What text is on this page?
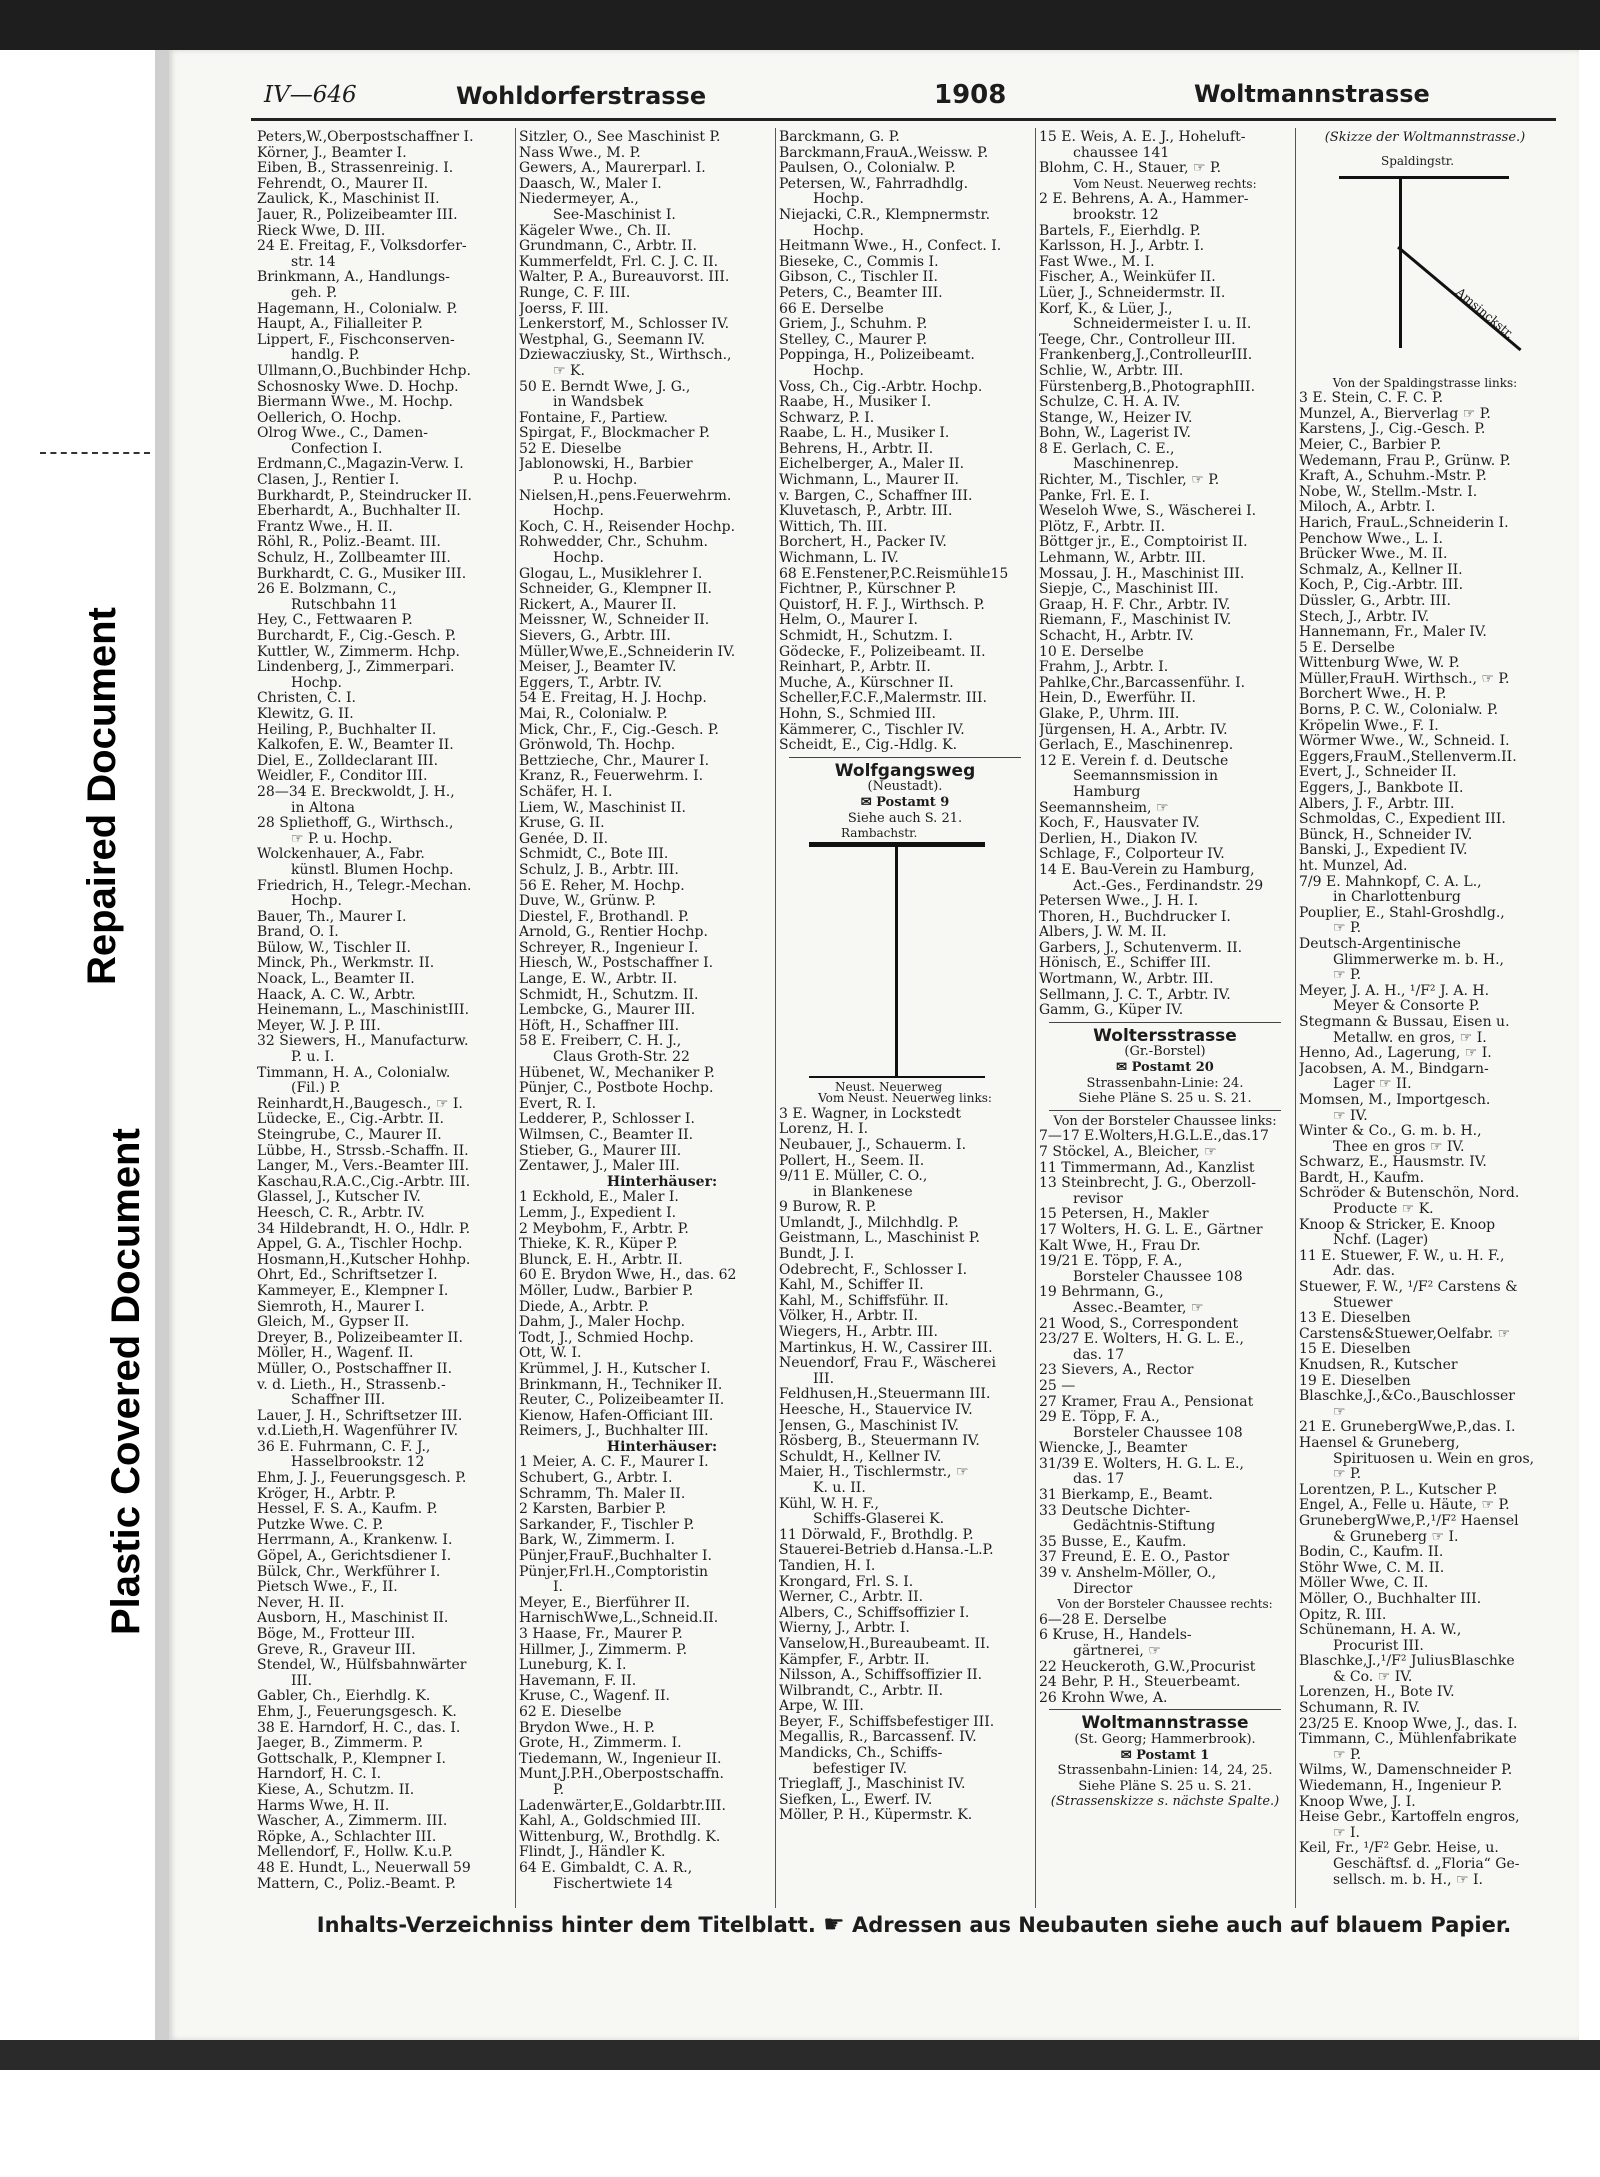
Repaired Document
Plastic Covered Document
IV—646	Wohldorferstrasse	1908	Woltmannstrasse
Peters,W.,Oberpostschaffner I.
Körner, J., Beamter I.
Eiben, B., Strassenreinig. I.
Fehrendt, O., Maurer II.
Zaulick, K., Maschinist II.
Jauer, R., Polizeibeamter III.
Rieck Wwe, D. III.
24 E. Freitag, F., Volksdorfer-
str. 14
Brinkmann, A., Handlungs-
geh. P.
Hagemann, H., Colonialw. P.
Haupt, A., Filialleiter P.
Lippert, F., Fischconserven-
handlg. P.
Ullmann,O.,Buchbinder Hchp.
Schosnosky Wwe. D. Hochp.
Biermann Wwe., M. Hochp.
Oellerich, O. Hochp.
Olrog Wwe., C., Damen-
Confection I.
Erdmann,C.,Magazin-Verw. I.
Clasen, J., Rentier I.
Burkhardt, P., Steindrucker II.
Eberhardt, A., Buchhalter II.
Frantz Wwe., H. II.
Röhl, R., Poliz.-Beamt. III.
Schulz, H., Zollbeamter III.
Burkhardt, C. G., Musiker III.
26 E. Bolzmann, C.,
Rutschbahn 11
Hey, C., Fettwaaren P.
Burchardt, F., Cig.-Gesch. P.
Kuttler, W., Zimmerm. Hchp.
Lindenberg, J., Zimmerpari.
Hochp.
Christen, C. I.
Klewitz, G. II.
Heiling, P., Buchhalter II.
Kalkofen, E. W., Beamter II.
Diel, E., Zolldeclarant III.
Weidler, F., Conditor III.
28—34 E. Breckwoldt, J. H.,
in Altona
28 Spliethoff, G., Wirthsch.,
☞ P. u. Hochp.
Wolckenhauer, A., Fabr.
künstl. Blumen Hochp.
Friedrich, H., Telegr.-Mechan.
Hochp.
Bauer, Th., Maurer I.
Brand, O. I.
Bülow, W., Tischler II.
Minck, Ph., Werkmstr. II.
Noack, L., Beamter II.
Haack, A. C. W., Arbtr.
Heinemann, L., MaschinistIII.
Meyer, W. J. P. III.
32 Siewers, H., Manufacturw.
P. u. I.
Timmann, H. A., Colonialw.
(Fil.) P.
Reinhardt,H.,Baugesch., ☞ I.
Lüdecke, E., Cig.-Arbtr. II.
Steingrube, C., Maurer II.
Lübbe, H., Strssb.-Schaffn. II.
Langer, M., Vers.-Beamter III.
Kaschau,R.A.C.,Cig.-Arbtr. III.
Glassel, J., Kutscher IV.
Heesch, C. R., Arbtr. IV.
34 Hildebrandt, H. O., Hdlr. P.
Appel, G. A., Tischler Hochp.
Hosmann,H.,Kutscher Hohhp.
Ohrt, Ed., Schriftsetzer I.
Kammeyer, E., Klempner I.
Siemroth, H., Maurer I.
Gleich, M., Gypser II.
Dreyer, B., Polizeibeamter II.
Möller, H., Wagenf. II.
Müller, O., Postschaffner II.
v. d. Lieth., H., Strassenb.-
Schaffner III.
Lauer, J. H., Schriftsetzer III.
v.d.Lieth,H. Wagenführer IV.
36 E. Fuhrmann, C. F. J.,
Hasselbrookstr. 12
Ehm, J. J., Feuerungsgesch. P.
Kröger, H., Arbtr. P.
Hessel, F. S. A., Kaufm. P.
Putzke Wwe. C. P.
Herrmann, A., Krankenw. I.
Göpel, A., Gerichtsdiener I.
Bülck, Chr., Werkführer I.
Pietsch Wwe., F., II.
Never, H. II.
Ausborn, H., Maschinist II.
Böge, M., Frotteur III.
Greve, R., Graveur III.
Stendel, W., Hülfsbahnwärter
III.
Gabler, Ch., Eierhdlg. K.
Ehm, J., Feuerungsgesch. K.
38 E. Harndorf, H. C., das. I.
Jaeger, B., Zimmerm. P.
Gottschalk, P., Klempner I.
Harndorf, H. C. I.
Kiese, A., Schutzm. II.
Harms Wwe, H. II.
Wascher, A., Zimmerm. III.
Röpke, A., Schlachter III.
Mellendorf, F., Hollw. K.u.P.
48 E. Hundt, L., Neuerwall 59
Mattern, C., Poliz.-Beamt. P.
Sitzler, O., See Maschinist P.
Nass Wwe., M. P.
Gewers, A., Maurerparl. I.
Daasch, W., Maler I.
Niedermeyer, A.,
See-Maschinist I.
Kägeler Wwe., Ch. II.
Grundmann, C., Arbtr. II.
Kummerfeldt, Frl. C. J. C. II.
Walter, P. A., Bureauvorst. III.
Runge, C. F. III.
Joerss, F. III.
Lenkerstorf, M., Schlosser IV.
Westphal, G., Seemann IV.
Dziewacziusky, St., Wirthsch.,
☞ K.
50 E. Berndt Wwe, J. G.,
in Wandsbek
Fontaine, F., Partiew.
Spirgat, F., Blockmacher P.
52 E. Dieselbe
Jablonowski, H., Barbier
P. u. Hochp.
Nielsen,H.,pens.Feuerwehrm.
Hochp.
Koch, C. H., Reisender Hochp.
Rohwedder, Chr., Schuhm.
Hochp.
Glogau, L., Musiklehrer I.
Schneider, G., Klempner II.
Rickert, A., Maurer II.
Meissner, W., Schneider II.
Sievers, G., Arbtr. III.
Müller,Wwe,E.,Schneiderin IV.
Meiser, J., Beamter IV.
Eggers, T., Arbtr. IV.
54 E. Freitag, H. J. Hochp.
Mai, R., Colonialw. P.
Mick, Chr., F., Cig.-Gesch. P.
Grönwold, Th. Hochp.
Bettzieche, Chr., Maurer I.
Kranz, R., Feuerwehrm. I.
Schäfer, H. I.
Liem, W., Maschinist II.
Kruse, G. II.
Genée, D. II.
Schmidt, C., Bote III.
Schulz, J. B., Arbtr. III.
56 E. Reher, M. Hochp.
Duve, W., Grünw. P.
Diestel, F., Brothandl. P.
Arnold, G., Rentier Hochp.
Schreyer, R., Ingenieur I.
Hiesch, W., Postschaffner I.
Lange, E. W., Arbtr. II.
Schmidt, H., Schutzm. II.
Lembcke, G., Maurer III.
Höft, H., Schaffner III.
58 E. Freiberr, C. H. J.,
Claus Groth-Str. 22
Hübenet, W., Mechaniker P.
Pünjer, C., Postbote Hochp.
Evert, R. I.
Ledderer, P., Schlosser I.
Wilmsen, C., Beamter II.
Stieber, G., Maurer III.
Zentawer, J., Maler III.
Hinterhäuser:
1 Eckhold, E., Maler I.
Lemm, J., Expedient I.
2 Meybohm, F., Arbtr. P.
Thieke, K. R., Küper P.
Blunck, E. H., Arbtr. II.
60 E. Brydon Wwe, H., das. 62
Möller, Ludw., Barbier P.
Diede, A., Arbtr. P.
Dahm, J., Maler Hochp.
Todt, J., Schmied Hochp.
Ott, W. I.
Krümmel, J. H., Kutscher I.
Brinkmann, H., Techniker II.
Reuter, C., Polizeibeamter II.
Kienow, Hafen-Officiant III.
Reimers, J., Buchhalter III.
Hinterhäuser:
1 Meier, A. C. F., Maurer I.
Schubert, G., Arbtr. I.
Schramm, Th. Maler II.
2 Karsten, Barbier P.
Sarkander, F., Tischler P.
Bark, W., Zimmerm. I.
Pünjer,FrauF.,Buchhalter I.
Pünjer,Frl.H.,Comptoristin
I.
Meyer, E., Bierführer II.
HarnischWwe,L.,Schneid.II.
3 Haase, Fr., Maurer P.
Hillmer, J., Zimmerm. P.
Luneburg, K. I.
Havemann, F. II.
Kruse, C., Wagenf. II.
62 E. Dieselbe
Brydon Wwe., H. P.
Grote, H., Zimmerm. I.
Tiedemann, W., Ingenieur II.
Munt,J.P.H.,Oberpostschaffn.
P.
Ladenwärter,E.,Goldarbtr.III.
Kahl, A., Goldschmied III.
Wittenburg, W., Brothdlg. K.
Flindt, J., Händler K.
64 E. Gimbaldt, C. A. R.,
Fischertwiete 14
Barckmann, G. P.
Barckmann,FrauA.,Weissw. P.
Paulsen, O., Colonialw. P.
Petersen, W., Fahrradhdlg.
Hochp.
Niejacki, C.R., Klempnermstr.
Hochp.
Heitmann Wwe., H., Confect. I.
Bieseke, C., Commis I.
Gibson, C., Tischler II.
Peters, C., Beamter III.
66 E. Derselbe
Griem, J., Schuhm. P.
Stelley, C., Maurer P.
Poppinga, H., Polizeibeamt.
Hochp.
Voss, Ch., Cig.-Arbtr. Hochp.
Raabe, H., Musiker I.
Schwarz, P. I.
Raabe, L. H., Musiker I.
Behrens, H., Arbtr. II.
Eichelberger, A., Maler II.
Wichmann, L., Maurer II.
v. Bargen, C., Schaffner III.
Kluvetasch, P., Arbtr. III.
Wittich, Th. III.
Borchert, H., Packer IV.
Wichmann, L. IV.
68 E.Fenstener,P.C.Reismühle15
Fichtner, P., Kürschner P.
Quistorf, H. F. J., Wirthsch. P.
Helm, O., Maurer I.
Schmidt, H., Schutzm. I.
Gödecke, F., Polizeibeamt. II.
Reinhart, P., Arbtr. II.
Muche, A., Kürschner II.
Scheller,F.C.F.,Malermstr. III.
Hohn, S., Schmied III.
Kämmerer, C., Tischler IV.
Scheidt, E., Cig.-Hdlg. K.
Wolfgangsweg
(Neustadt).
✉ Postamt 9
Siehe auch S. 21.
Rambachstr.
Neust. Neuerweg
Vom Neust. Neuerweg links:
3 E. Wagner, in Lockstedt
Lorenz, H. I.
Neubauer, J., Schauerm. I.
Pollert, H., Seem. II.
9/11 E. Müller, C. O.,
in Blankenese
9 Burow, R. P.
Umlandt, J., Milchhdlg. P.
Geistmann, L., Maschinist P.
Bundt, J. I.
Odebrecht, F., Schlosser I.
Kahl, M., Schiffer II.
Kahl, M., Schiffsführ. II.
Völker, H., Arbtr. II.
Wiegers, H., Arbtr. III.
Martinkus, H. W., Cassirer III.
Neuendorf, Frau F., Wäscherei
III.
Feldhusen,H.,Steuermann III.
Heesche, H., Stauervice IV.
Jensen, G., Maschinist IV.
Rösberg, B., Steuermann IV.
Schuldt, H., Kellner IV.
Maier, H., Tischlermstr., ☞
K. u. II.
Kühl, W. H. F.,
Schiffs-Glaserei K.
11 Dörwald, F., Brothdlg. P.
Stauerei-Betrieb d.Hansa.-L.P.
Tandien, H. I.
Krongard, Frl. S. I.
Werner, C., Arbtr. II.
Albers, C., Schiffsoffizier I.
Wierny, J., Arbtr. I.
Vanselow,H.,Bureaubeamt. II.
Kämpfer, F., Arbtr. II.
Nilsson, A., Schiffsoffizier II.
Wilbrandt, C., Arbtr. II.
Arpe, W. III.
Beyer, F., Schiffsbefestiger III.
Megallis, R., Barcassenf. IV.
Mandicks, Ch., Schiffs-
befestiger IV.
Trieglaff, J., Maschinist IV.
Siefken, L., Ewerf. IV.
Möller, P. H., Küpermstr. K.
15 E. Weis, A. E. J., Hoheluft-
chaussee 141
Blohm, C. H., Stauer, ☞ P.
Vom Neust. Neuerweg rechts:
2 E. Behrens, A. A., Hammer-
brookstr. 12
Bartels, F., Eierhdlg. P.
Karlsson, H. J., Arbtr. I.
Fast Wwe., M. I.
Fischer, A., Weinküfer II.
Lüer, J., Schneidermstr. II.
Korf, K., & Lüer, J.,
Schneidermeister I. u. II.
Teege, Chr., Controlleur III.
Frankenberg,J.,ControlleurIII.
Schlie, W., Arbtr. III.
Fürstenberg,B.,PhotographIII.
Schulze, C. H. A. IV.
Stange, W., Heizer IV.
Bohn, W., Lagerist IV.
8 E. Gerlach, C. E.,
Maschinenrep.
Richter, M., Tischler, ☞ P.
Panke, Frl. E. I.
Weseloh Wwe, S., Wäscherei I.
Plötz, F., Arbtr. II.
Böttger jr., E., Comptoirist II.
Lehmann, W., Arbtr. III.
Mossau, J. H., Maschinist III.
Siepje, C., Maschinist III.
Graap, H. F. Chr., Arbtr. IV.
Riemann, F., Maschinist IV.
Schacht, H., Arbtr. IV.
10 E. Derselbe
Frahm, J., Arbtr. I.
Pahlke,Chr.,Barcassenführ. I.
Hein, D., Ewerführ. II.
Glake, P., Uhrm. III.
Jürgensen, H. A., Arbtr. IV.
Gerlach, E., Maschinenrep.
12 E. Verein f. d. Deutsche
Seemannsmission in
Hamburg
Seemannsheim, ☞
Koch, F., Hausvater IV.
Derlien, H., Diakon IV.
Schlage, F., Colporteur IV.
14 E. Bau-Verein zu Hamburg,
Act.-Ges., Ferdinandstr. 29
Petersen Wwe., J. H. I.
Thoren, H., Buchdrucker I.
Albers, J. W. M. II.
Garbers, J., Schutenverm. II.
Hönisch, E., Schiffer III.
Wortmann, W., Arbtr. III.
Sellmann, J. C. T., Arbtr. IV.
Gamm, G., Küper IV.
Woltersstrasse
(Gr.-Borstel)
✉ Postamt 20
Strassenbahn-Linie: 24.
Siehe Pläne S. 25 u. S. 21.
Von der Borsteler Chaussee links:
7—17 E.Wolters,H.G.L.E.,das.17
7 Stöckel, A., Bleicher, ☞
11 Timmermann, Ad., Kanzlist
13 Steinbrecht, J. G., Oberzoll-
revisor
15 Petersen, H., Makler
17 Wolters, H. G. L. E., Gärtner
Kalt Wwe, H., Frau Dr.
19/21 E. Töpp, F. A.,
Borsteler Chaussee 108
19 Behrmann, G.,
Assec.-Beamter, ☞
21 Wood, S., Correspondent
23/27 E. Wolters, H. G. L. E.,
das. 17
23 Sievers, A., Rector
25 —
27 Kramer, Frau A., Pensionat
29 E. Töpp, F. A.,
Borsteler Chaussee 108
Wiencke, J., Beamter
31/39 E. Wolters, H. G. L. E.,
das. 17
31 Bierkamp, E., Beamt.
33 Deutsche Dichter-
Gedächtnis-Stiftung
35 Busse, E., Kaufm.
37 Freund, E. E. O., Pastor
39 v. Anshelm-Möller, O.,
Director
Von der Borsteler Chaussee rechts:
6—28 E. Derselbe
6 Kruse, H., Handels-
gärtnerei, ☞
22 Heuckeroth, G.W.,Procurist
24 Behr, P. H., Steuerbeamt.
26 Krohn Wwe, A.
Woltmannstrasse
(St. Georg; Hammerbrook).
✉ Postamt 1
Strassenbahn-Linien: 14, 24, 25.
Siehe Pläne S. 25 u. S. 21.
(Strassenskizze s. nächste Spalte.)
(Skizze der Woltmannstrasse.)
Spaldingstr.
Amsinckstr.
Von der Spaldingstrasse links:
3 E. Stein, C. F. C. P.
Munzel, A., Bierverlag ☞ P.
Karstens, J., Cig.-Gesch. P.
Meier, C., Barbier P.
Wedemann, Frau P., Grünw. P.
Kraft, A., Schuhm.-Mstr. P.
Nobe, W., Stellm.-Mstr. I.
Miloch, A., Arbtr. I.
Harich, FrauL.,Schneiderin I.
Penchow Wwe., L. I.
Brücker Wwe., M. II.
Schmalz, A., Kellner II.
Koch, P., Cig.-Arbtr. III.
Düssler, G., Arbtr. III.
Stech, J., Arbtr. IV.
Hannemann, Fr., Maler IV.
5 E. Derselbe
Wittenburg Wwe, W. P.
Müller,FrauH. Wirthsch., ☞ P.
Borchert Wwe., H. P.
Borns, P. C. W., Colonialw. P.
Kröpelin Wwe., F. I.
Wörmer Wwe., W., Schneid. I.
Eggers,FrauM.,Stellenverm.II.
Evert, J., Schneider II.
Eggers, J., Bankbote II.
Albers, J. F., Arbtr. III.
Schmoldas, C., Expedient III.
Bünck, H., Schneider IV.
Banski, J., Expedient IV.
ht. Munzel, Ad.
7/9 E. Mahnkopf, C. A. L.,
in Charlottenburg
Pouplier, E., Stahl-Groshdlg.,
☞ P.
Deutsch-Argentinische
Glimmerwerke m. b. H.,
☞ P.
Meyer, J. A. H., ¹/F² J. A. H.
Meyer & Consorte P.
Stegmann & Bussau, Eisen u.
Metallw. en gros, ☞ I.
Henno, Ad., Lagerung, ☞ I.
Jacobsen, A. M., Bindgarn-
Lager ☞ II.
Momsen, M., Importgesch.
☞ IV.
Winter & Co., G. m. b. H.,
Thee en gros ☞ IV.
Schwarz, E., Hausmstr. IV.
Bardt, H., Kaufm.
Schröder & Butenschön, Nord.
Producte ☞ K.
Knoop & Stricker, E. Knoop
Nchf. (Lager)
11 E. Stuewer, F. W., u. H. F.,
Adr. das.
Stuewer, F. W., ¹/F² Carstens &
Stuewer
13 E. Dieselben
Carstens&Stuewer,Oelfabr. ☞
15 E. Dieselben
Knudsen, R., Kutscher
19 E. Dieselben
Blaschke,J.,&Co.,Bauschlosser
☞
21 E. GrunebergWwe,P.,das. I.
Haensel & Gruneberg,
Spirituosen u. Wein en gros,
☞ P.
Lorentzen, P. L., Kutscher P.
Engel, A., Felle u. Häute, ☞ P.
GrunebergWwe,P.,¹/F² Haensel
& Gruneberg ☞ I.
Bodin, C., Kaufm. II.
Stöhr Wwe, C. M. II.
Möller Wwe, C. II.
Möller, O., Buchhalter III.
Opitz, R. III.
Schünemann, H. A. W.,
Procurist III.
Blaschke,J.,¹/F² JuliusBlaschke
& Co. ☞ IV.
Lorenzen, H., Bote IV.
Schumann, R. IV.
23/25 E. Knoop Wwe, J., das. I.
Timmann, C., Mühlenfabrikate
☞ P.
Wilms, W., Damenschneider P.
Wiedemann, H., Ingenieur P.
Knoop Wwe, J. I.
Heise Gebr., Kartoffeln engros,
☞ I.
Keil, Fr., ¹/F² Gebr. Heise, u.
Geschäftsf. d. „Floria“ Ge-
sellsch. m. b. H., ☞ I.
Inhalts-Verzeichniss hinter dem Titelblatt. ☛ Adressen aus Neubauten siehe auch auf blauem Papier.
